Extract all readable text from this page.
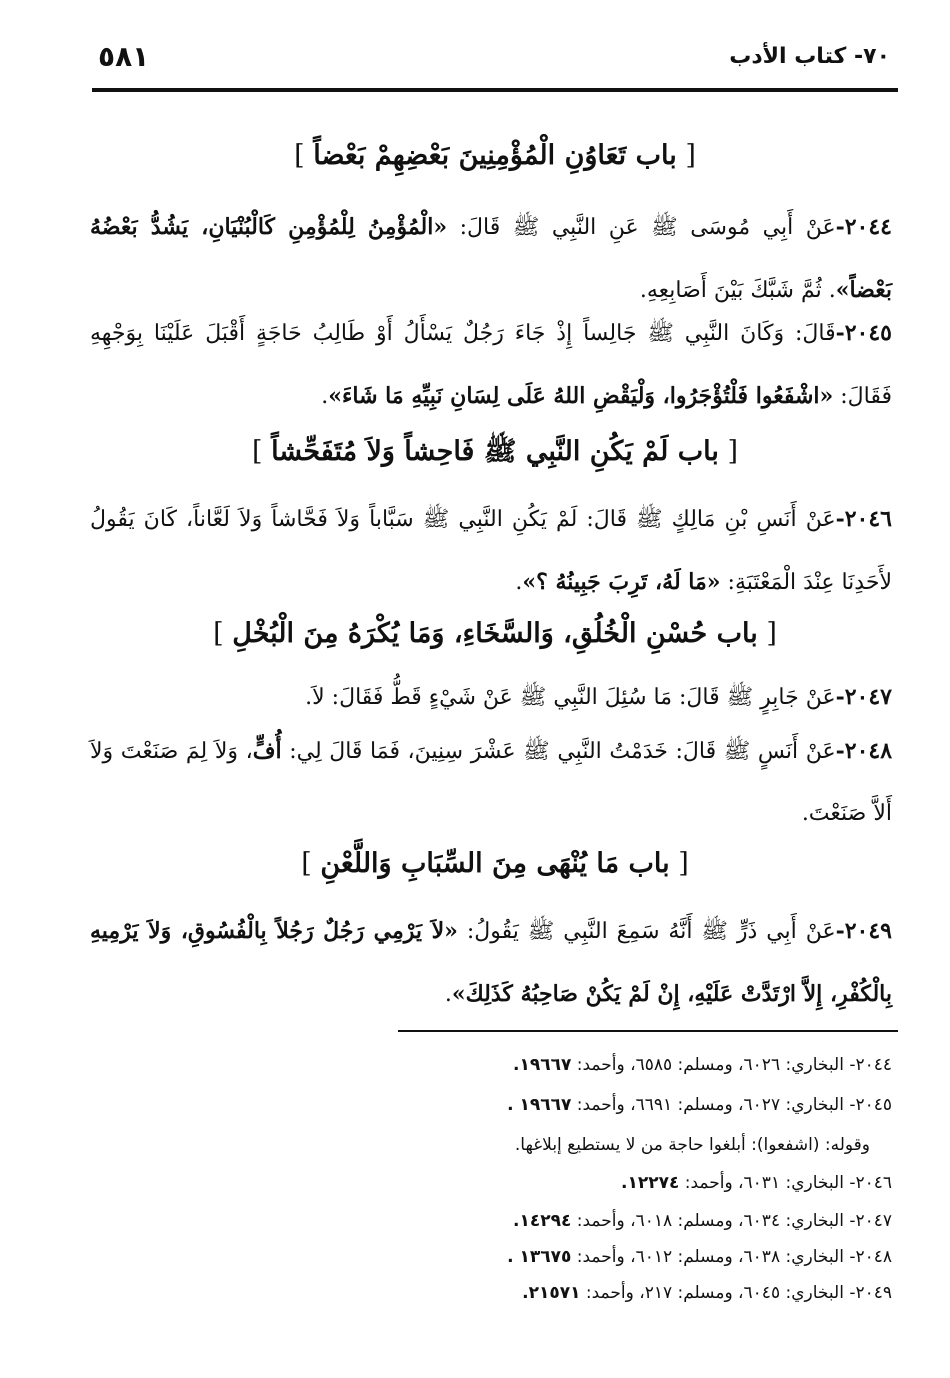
٧٠- كتاب الأدب
٥٨١
[ باب تَعَاوُنِ الْمُؤْمِنِينَ بَعْضِهِمْ بَعْضاً ]
٢٠٤٤-عَنْ أَبِي مُوسَى ﷺ عَنِ النَّبِي ﷺ قَالَ: «الْمُؤْمِنُ لِلْمُؤْمِنِ كَالْبُنْيَانِ، يَشُدُّ بَعْضُهُ بَعْضاً». ثُمَّ شَبَّكَ بَيْنَ أَصَابِعِهِ.
٢٠٤٥-قَالَ: وَكَانَ النَّبِي ﷺ جَالِساً إِذْ جَاءَ رَجُلٌ يَسْأَلُ أَوْ طَالِبُ حَاجَةٍ أَقْبَلَ عَلَيْنَا بِوَجْهِهِ فَقَالَ: «اشْفَعُوا فَلْتُؤْجَرُوا، وَلْيَقْضِ اللهُ عَلَى لِسَانِ نَبِيِّهِ مَا شَاءَ».
[ باب لَمْ يَكُنِ النَّبِي ﷺ فَاحِشاً وَلاَ مُتَفَحِّشاً ]
٢٠٤٦-عَنْ أَنَسِ بْنِ مَالِكٍ ﷺ قَالَ: لَمْ يَكُنِ النَّبِي ﷺ سَبَّاباً وَلاَ فَحَّاشاً وَلاَ لَعَّاناً، كَانَ يَقُولُ لأَحَدِنَا عِنْدَ الْمَعْتَبَةِ: «مَا لَهُ، تَرِبَ جَبِينُهُ ؟».
[ باب حُسْنِ الْخُلُقِ، وَالسَّخَاءِ، وَمَا يُكْرَهُ مِنَ الْبُخْلِ ]
٢٠٤٧-عَنْ جَابِرٍ ﷺ قَالَ: مَا سُئِلَ النَّبِي ﷺ عَنْ شَيْءٍ قَطُّ فَقَالَ: لاَ.
٢٠٤٨-عَنْ أَنَسٍ ﷺ قَالَ: خَدَمْتُ النَّبِي ﷺ عَشْرَ سِنِينَ، فَمَا قَالَ لِي: أُفٍّ، وَلاَ لِمَ صَنَعْتَ وَلاَ أَلاَّ صَنَعْتَ.
[ باب مَا يُنْهَى مِنَ السِّبَابِ وَاللَّعْنِ ]
٢٠٤٩-عَنْ أَبِي ذَرٍّ ﷺ أَنَّهُ سَمِعَ النَّبِي ﷺ يَقُولُ: «لاَ يَرْمِي رَجُلٌ رَجُلاً بِالْفُسُوقِ، وَلاَ يَرْمِيهِ بِالْكُفْرِ، إِلاَّ ارْتَدَّتْ عَلَيْهِ، إِنْ لَمْ يَكُنْ صَاحِبُهُ كَذَلِكَ».
٢٠٤٤- البخاري: ٦٠٢٦، ومسلم: ٦٥٨٥، وأحمد: ١٩٦٦٧.
٢٠٤٥- البخاري: ٦٠٢٧، ومسلم: ٦٦٩١، وأحمد: ١٩٦٦٧ .
وقوله: (اشفعوا): أبلغوا حاجة من لا يستطيع إبلاغها.
٢٠٤٦- البخاري: ٦٠٣١، وأحمد: ١٢٢٧٤.
٢٠٤٧- البخاري: ٦٠٣٤، ومسلم: ٦٠١٨، وأحمد: ١٤٢٩٤.
٢٠٤٨- البخاري: ٦٠٣٨، ومسلم: ٦٠١٢، وأحمد: ١٣٦٧٥ .
٢٠٤٩- البخاري: ٦٠٤٥، ومسلم: ٢١٧، وأحمد: ٢١٥٧١.
